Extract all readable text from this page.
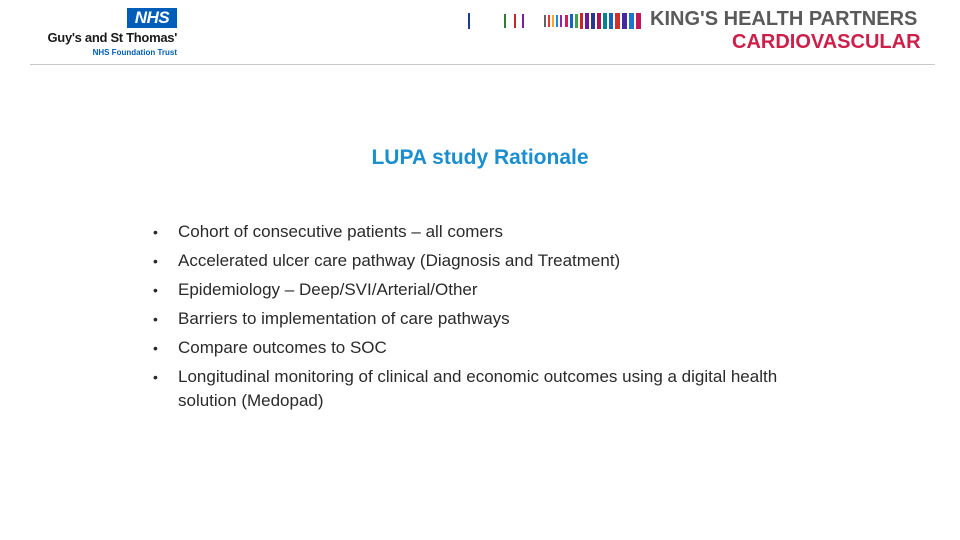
NHS
Guy's and St Thomas'
NHS Foundation Trust
KING'S HEALTH PARTNERS
CARDIOVASCULAR
LUPA study Rationale
• Cohort of consecutive patients – all comers
• Accelerated ulcer care pathway (Diagnosis and Treatment)
• Epidemiology – Deep/SVI/Arterial/Other
• Barriers to implementation of care pathways
• Compare outcomes to SOC
• Longitudinal monitoring of clinical and economic outcomes using a digital health solution (Medopad)
